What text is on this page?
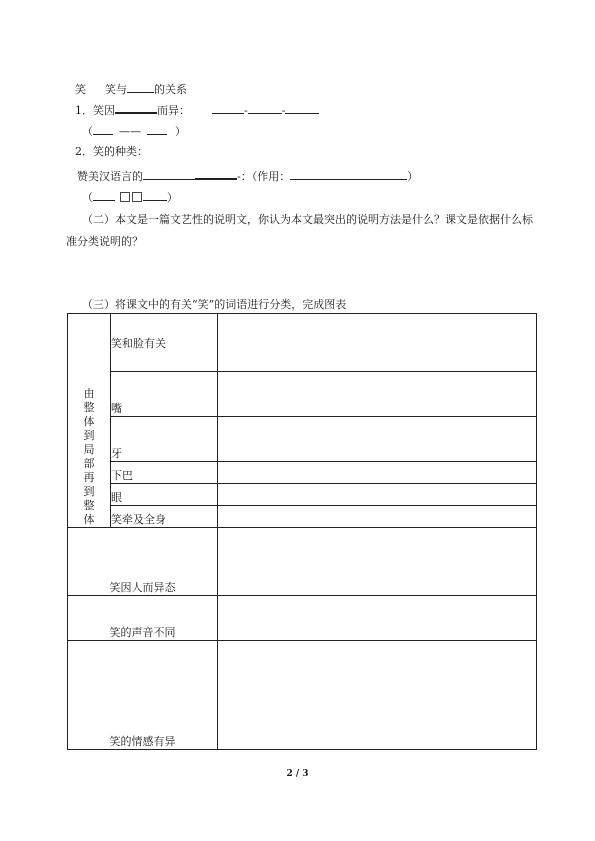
笑 笑与 的关系
1．笑因	而异：	-	-
（ ——	）
2．笑的种类：
赞美汉语言的	-：（作用：	）
（	）
（二）本文是一篇文艺性的说明文，你认为本文最突出的说明方法是什么？课文是依据什么标准分类说明的？
（三）将课文中的有关“笑”的词语进行分类，完成图表
由整体到局部再到整体	笑和脸有关	
	嘴	
	牙	
	下巴	
	眼	
	笑牵及全身	
笑因人而异态		
笑的声音不同		
笑的情感有异		
2 / 3
